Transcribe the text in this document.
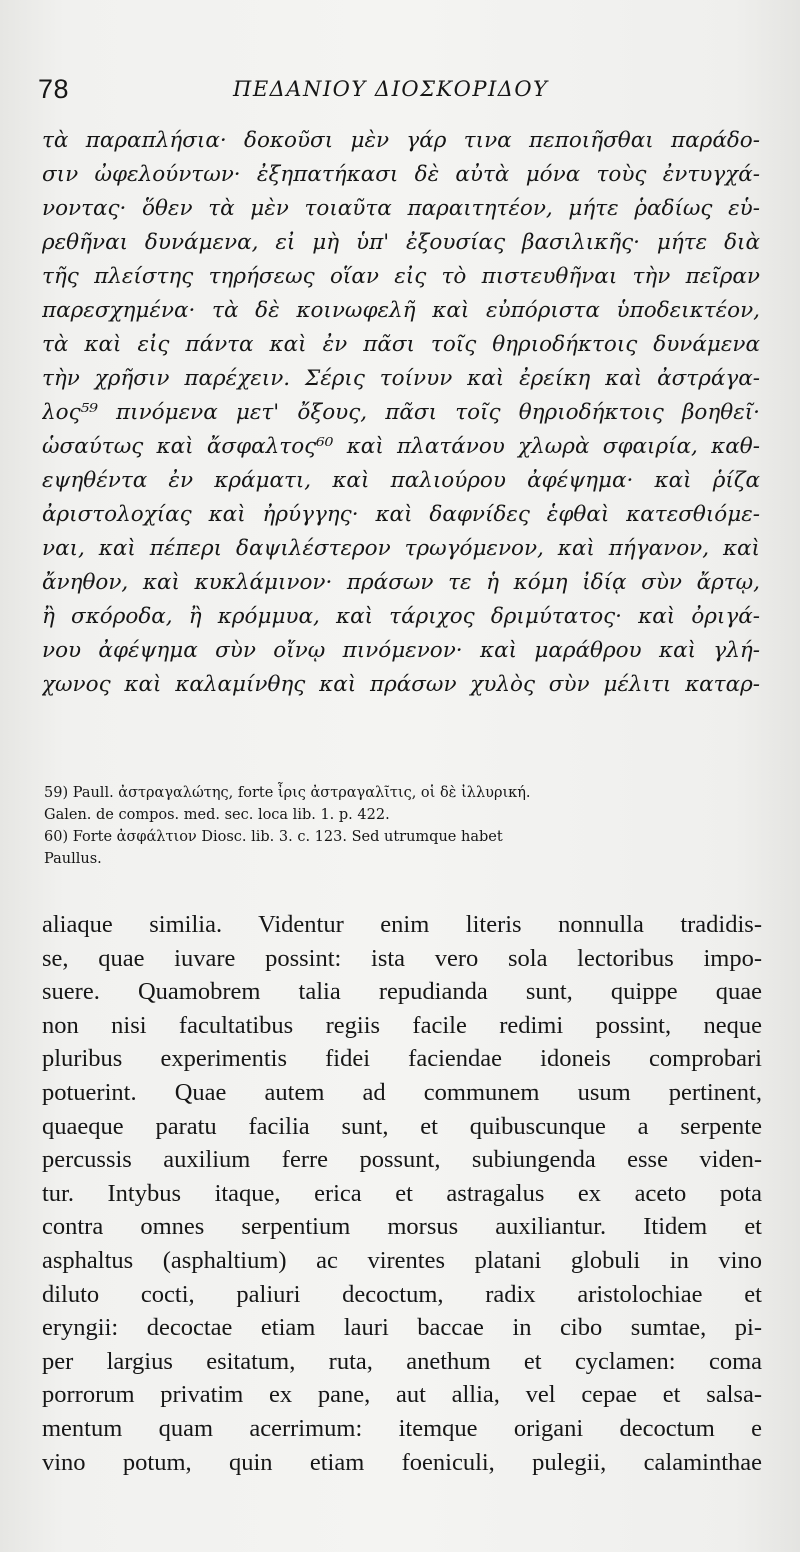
78	ΠΕΔΑΝΙΟΥ ΔΙΟΣΚΟΡΙΔΟΥ
τὰ παραπλήσια· δοκοῦσι μὲν γάρ τινα πεποιῆσθαι παράδο-
σιν ὠφελούντων· ἐξηπατήκασι δὲ αὐτὰ μόνα τοὺς ἐντυγχά-
νοντας· ὅθεν τὰ μὲν τοιαῦτα παραιτητέον, μήτε ῥαδίως εὑ-
ρεθῆναι δυνάμενα, εἰ μὴ ὑπ' ἐξουσίας βασιλικῆς· μήτε διὰ
τῆς πλείστης τηρήσεως οἵαν εἰς τὸ πιστευθῆναι τὴν πεῖραν
παρεσχημένα· τὰ δὲ κοινωφελῆ καὶ εὐπόριστα ὑποδεικτέον,
τὰ καὶ εἰς πάντα καὶ ἐν πᾶσι τοῖς θηριοδήκτοις δυνάμενα
τὴν χρῆσιν παρέχειν. Σέρις τοίνυν καὶ ἐρείκη καὶ ἀστράγα-
λος⁵⁹ πινόμενα μετ' ὄξους, πᾶσι τοῖς θηριοδήκτοις βοηθεῖ·
ὡσαύτως καὶ ἄσφαλτος⁶⁰ καὶ πλατάνου χλωρὰ σφαιρία, καθ-
εψηθέντα ἐν κράματι, καὶ παλιούρου ἀφέψημα· καὶ ῥίζα
ἀριστολοχίας καὶ ἠρύγγης· καὶ δαφνίδες ἑφθαὶ κατεσθιόμε-
ναι, καὶ πέπερι δαψιλέστερον τρωγόμενον, καὶ πήγανον, καὶ
ἄνηθον, καὶ κυκλάμινον· πράσων τε ἡ κόμη ἰδίᾳ σὺν ἄρτῳ,
ἢ σκόροδα, ἢ κρόμμυα, καὶ τάριχος δριμύτατος· καὶ ὀριγά-
νου ἀφέψημα σὺν οἴνῳ πινόμενον· καὶ μαράθρου καὶ γλή-
χωνος καὶ καλαμίνθης καὶ πράσων χυλὸς σὺν μέλιτι καταρ-
59) Paull. ἀστραγαλώτης, forte ἶρις ἀστραγαλῖτις, οἱ δὲ ἰλλυρική.
Galen. de compos. med. sec. loca lib. 1. p. 422.
60) Forte ἀσφάλτιον Diosc. lib. 3. c. 123. Sed utrumque habet
Paullus.
aliaque similia. Videntur enim literis nonnulla tradidis-
se, quae iuvare possint: ista vero sola lectoribus impo-
suere. Quamobrem talia repudianda sunt, quippe quae
non nisi facultatibus regiis facile redimi possint, neque
pluribus experimentis fidei faciendae idoneis comprobari
potuerint. Quae autem ad communem usum pertinent,
quaeque paratu facilia sunt, et quibuscunque a serpente
percussis auxilium ferre possunt, subiungenda esse viden-
tur. Intybus itaque, erica et astragalus ex aceto pota
contra omnes serpentium morsus auxiliantur. Itidem et
asphaltus (asphaltium) ac virentes platani globuli in vino
diluto cocti, paliuri decoctum, radix aristolochiae et
eryngii: decoctae etiam lauri baccae in cibo sumtae, pi-
per largius esitatum, ruta, anethum et cyclamen: coma
porrorum privatim ex pane, aut allia, vel cepae et salsa-
mentum quam acerrimum: itemque origani decoctum e
vino potum, quin etiam foeniculi, pulegii, calaminthae
